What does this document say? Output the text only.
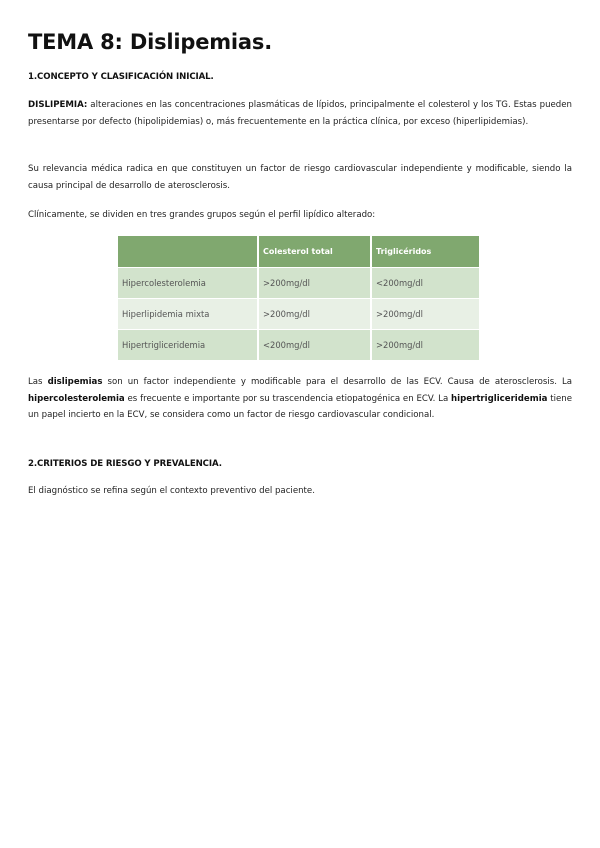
TEMA 8: Dislipemias.
1.CONCEPTO Y CLASIFICACIÓN INICIAL.

DISLIPEMIA: alteraciones en las concentraciones plasmáticas de lípidos, principalmente el colesterol y los TG. Estas pueden presentarse por defecto (hipolipidemias) o, más frecuentemente en la práctica clínica, por exceso (hiperlipidemias).

Su relevancia médica radica en que constituyen un factor de riesgo cardiovascular independiente y modificable, siendo la causa principal de desarrollo de aterosclerosis.

Clínicamente, se dividen en tres grandes grupos según el perfil lipídico alterado:

	Colesterol total	Triglicéridos
Hipercolesterolemia	>200mg/dl	<200mg/dl
Hiperlipidemia mixta	>200mg/dl	>200mg/dl
Hipertrigliceridemia	<200mg/dl	>200mg/dl

Las dislipemias son un factor independiente y modificable para el desarrollo de las ECV. Causa de aterosclerosis. La hipercolesterolemia es frecuente e importante por su trascendencia etiopatogénica en ECV. La hipertrigliceridemia tiene un papel incierto en la ECV, se considera como un factor de riesgo cardiovascular condicional.

2.CRITERIOS DE RIESGO Y PREVALENCIA.

El diagnóstico se refina según el contexto preventivo del paciente.
